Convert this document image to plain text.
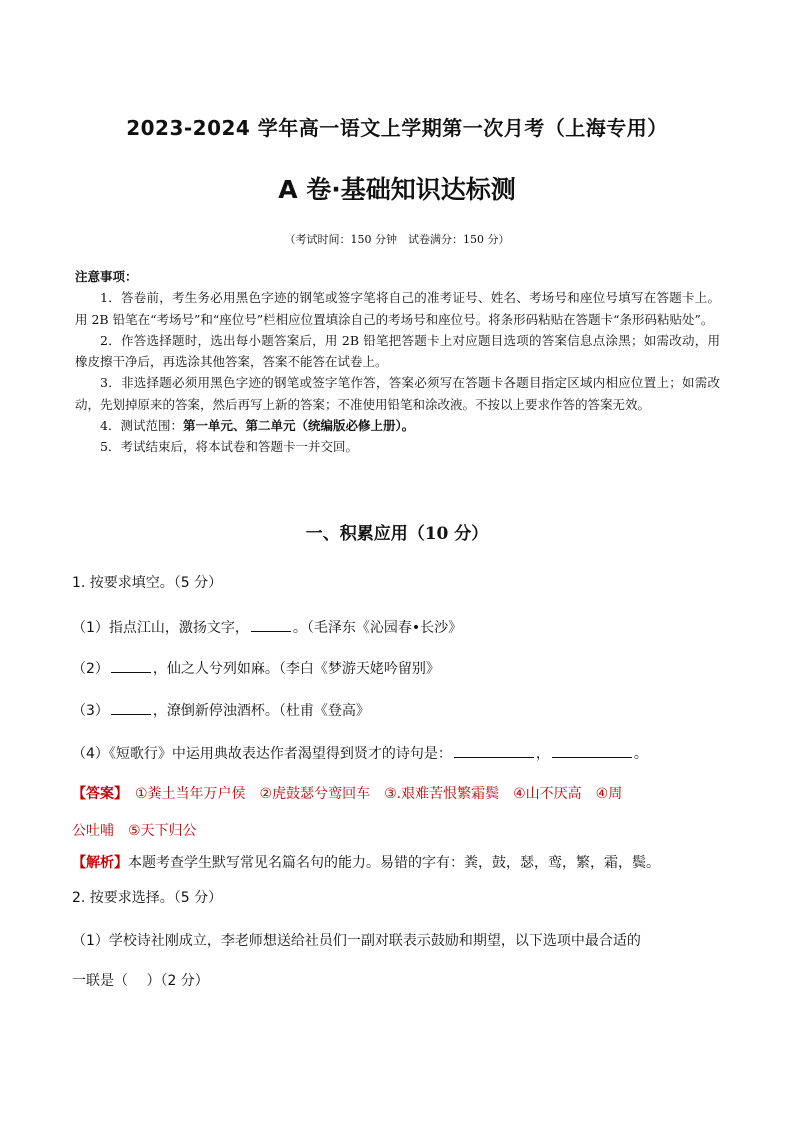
2023-2024 学年高一语文上学期第一次月考（上海专用）
A 卷·基础知识达标测
（考试时间：150 分钟　试卷满分：150 分）
注意事项：

1．答卷前，考生务必用黑色字迹的钢笔或签字笔将自己的准考证号、姓名、考场号和座位号填写在答题卡上。用 2B 铅笔在“考场号”和“座位号”栏相应位置填涂自己的考场号和座位号。将条形码粘贴在答题卡“条形码粘贴处”。

2．作答选择题时，选出每小题答案后，用 2B 铅笔把答题卡上对应题目选项的答案信息点涂黑；如需改动，用橡皮擦干净后，再选涂其他答案，答案不能答在试卷上。

3．非选择题必须用黑色字迹的钢笔或签字笔作答，答案必须写在答题卡各题目指定区域内相应位置上；如需改动，先划掉原来的答案，然后再写上新的答案；不准使用铅笔和涂改液。不按以上要求作答的答案无效。

4．测试范围：第一单元、第二单元（统编版必修上册）。

5．考试结束后，将本试卷和答题卡一并交回。

一、积累应用（10 分）
1. 按要求填空。（5 分）
（1）指点江山，激扬文字，	。（毛泽东《沁园春•长沙》
（2）	，仙之人兮列如麻。（李白《梦游天姥吟留别》
（3）	，潦倒新停浊酒杯。（杜甫《登高》
（4）《短歌行》中运用典故表达作者渴望得到贤才的诗句是：	，	。
【答案】　①粪土当年万户侯　②虎鼓瑟兮鸾回车　③.艰难苦恨繁霜鬓　④山不厌高　④周
公吐哺　⑤天下归公
【解析】本题考查学生默写常见名篇名句的能力。易错的字有：粪，鼓，瑟，鸾，繁，霜，鬓。
2. 按要求选择。（5 分）
（1）学校诗社刚成立，李老师想送给社员们一副对联表示鼓励和期望，以下选项中最合适的
一联是（　 ）（2 分）
